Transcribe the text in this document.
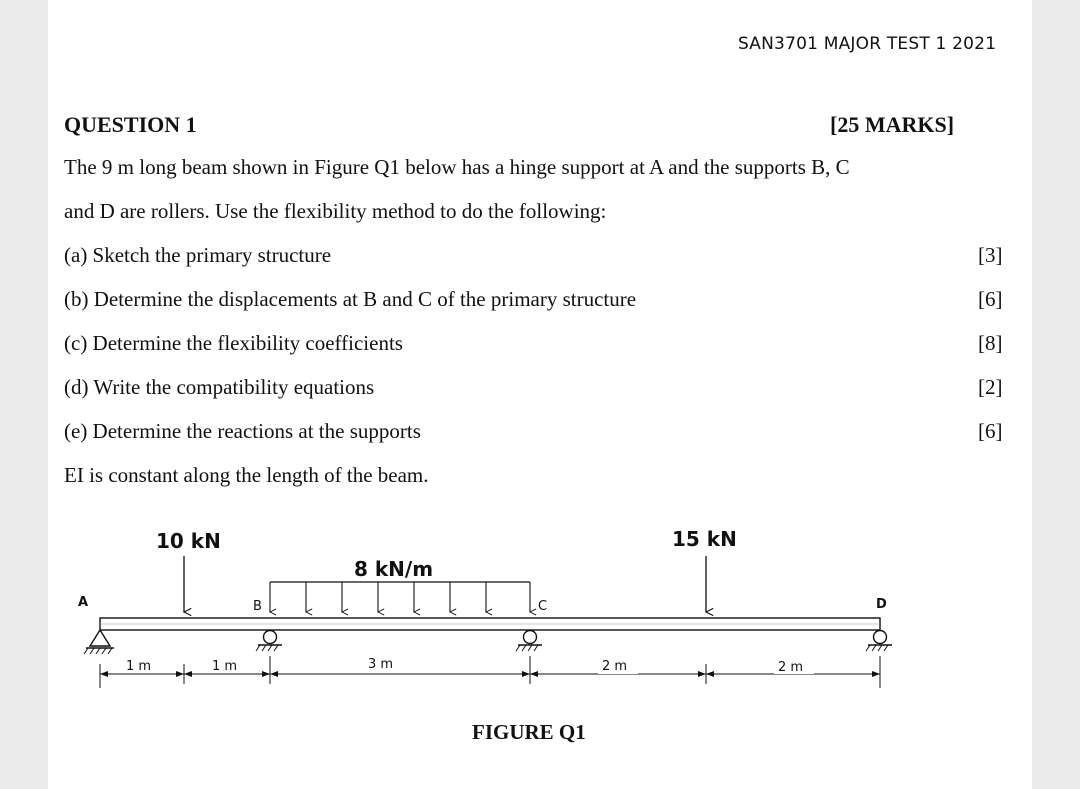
SAN3701 MAJOR TEST 1 2021
QUESTION 1	[25 MARKS]
The 9 m long beam shown in Figure Q1 below has a hinge support at A and the supports B, C
and D are rollers. Use the flexibility method to do the following:
(a) Sketch the primary structure	[3]
(b) Determine the displacements at B and C of the primary structure	[6]
(c) Determine the flexibility coefficients	[8]
(d) Write the compatibility equations	[2]
(e) Determine the reactions at the supports	[6]
EI is constant along the length of the beam.
A	B	C	D
10 kN	15 kN
8 kN/m
1 m	1 m	3 m	2 m	2 m
FIGURE Q1
